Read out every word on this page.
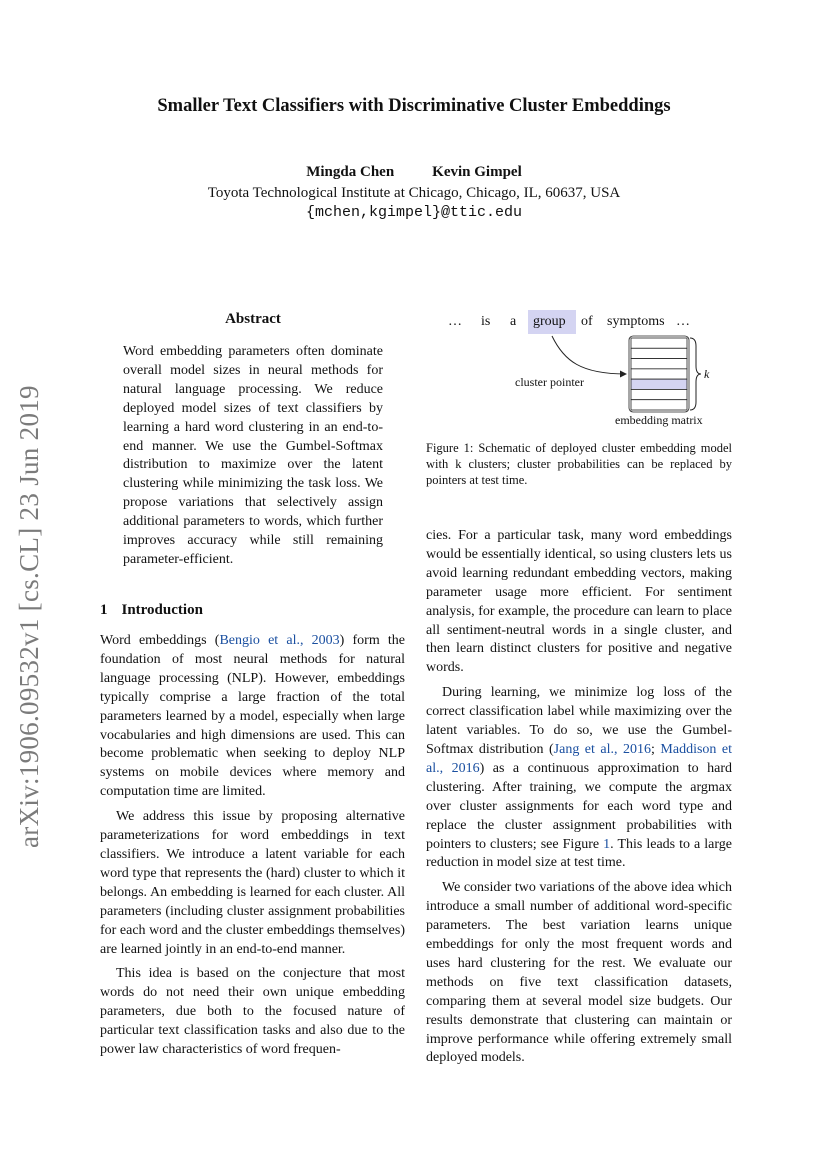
arXiv:1906.09532v1 [cs.CL] 23 Jun 2019
Smaller Text Classifiers with Discriminative Cluster Embeddings
Mingda Chen	Kevin Gimpel
Toyota Technological Institute at Chicago, Chicago, IL, 60637, USA
{mchen,kgimpel}@ttic.edu
Abstract
Word embedding parameters often dominate overall model sizes in neural methods for natural language processing. We reduce deployed model sizes of text classifiers by learning a hard word clustering in an end-to-end manner. We use the Gumbel-Softmax distribution to maximize over the latent clustering while minimizing the task loss. We propose variations that selectively assign additional parameters to words, which further improves accuracy while still remaining parameter-efficient.
1 Introduction

Word embeddings (Bengio et al., 2003) form the foundation of most neural methods for natural language processing (NLP). However, embeddings typically comprise a large fraction of the total parameters learned by a model, especially when large vocabularies and high dimensions are used. This can become problematic when seeking to deploy NLP systems on mobile devices where memory and computation time are limited.

We address this issue by proposing alternative parameterizations for word embeddings in text classifiers. We introduce a latent variable for each word type that represents the (hard) cluster to which it belongs. An embedding is learned for each cluster. All parameters (including cluster assignment probabilities for each word and the cluster embeddings themselves) are learned jointly in an end-to-end manner.

This idea is based on the conjecture that most words do not need their own unique embedding parameters, due both to the focused nature of particular text classification tasks and also due to the power law characteristics of word frequen-

… is a group of symptoms …
cluster pointer
k
embedding matrix
Figure 1: Schematic of deployed cluster embedding model with k clusters; cluster probabilities can be replaced by pointers at test time.

cies. For a particular task, many word embeddings would be essentially identical, so using clusters lets us avoid learning redundant embedding vectors, making parameter usage more efficient. For sentiment analysis, for example, the procedure can learn to place all sentiment-neutral words in a single cluster, and then learn distinct clusters for positive and negative words.

During learning, we minimize log loss of the correct classification label while maximizing over the latent variables. To do so, we use the Gumbel-Softmax distribution (Jang et al., 2016; Maddison et al., 2016) as a continuous approximation to hard clustering. After training, we compute the argmax over cluster assignments for each word type and replace the cluster assignment probabilities with pointers to clusters; see Figure 1. This leads to a large reduction in model size at test time.

We consider two variations of the above idea which introduce a small number of additional word-specific parameters. The best variation learns unique embeddings for only the most frequent words and uses hard clustering for the rest. We evaluate our methods on five text classification datasets, comparing them at several model size budgets. Our results demonstrate that clustering can maintain or improve performance while offering extremely small deployed models.
